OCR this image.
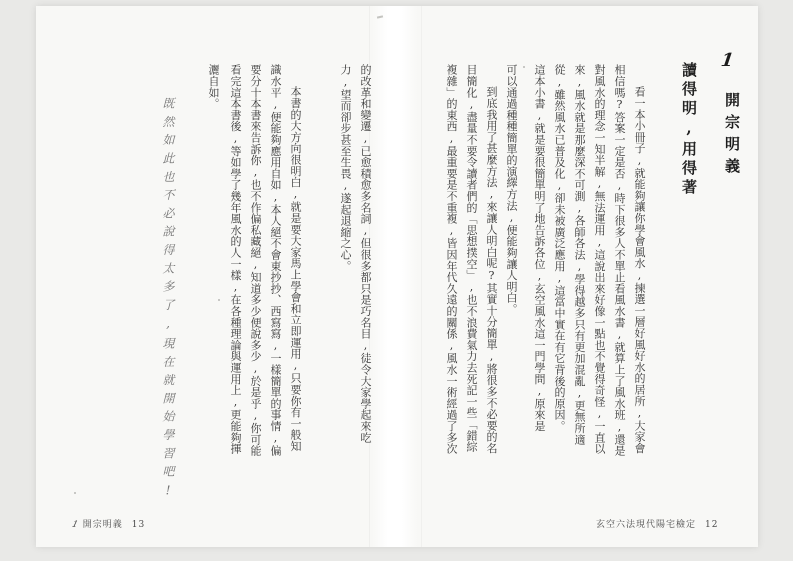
1
開宗明義
讀得明,用得著
看一本小冊子,就能夠讓你學會風水,揀選一層好風好水的居所,大家會
相信嗎?答案一定是否,時下很多人不單止看風水書,就算上了風水班,還是
對風水的理念一知半解,無法運用,這說出來好像一點也不覺得奇怪,一直以
來,風水就是那麼深不可測,各師各法,學得越多只有更加混亂,更無所適
從,雖然風水已普及化,卻未被廣泛應用,這當中實在有它背後的原因。
這本小書,就是要很簡單明了地告訴各位,玄空風水這一門學問,原來是
可以通過種種簡單的演繹方法,便能夠讓人明白。
到底我用了甚麼方法,來讓人明白呢?其實十分簡單,將很多不必要的名
目簡化,盡量不要令讀者們的「思想撲空」,也不浪費氣力去死記一些「錯綜
複雜」的東西,最重要是不重複,皆因年代久遠的關係,風水一術經過了多次
玄空六法現代陽宅檢定 12
的改革和變遷,已愈積愈多名詞,但很多都只是巧名目,徒令大家學起來吃
力,望而卻步甚至生畏,遂起退縮之心。
本書的大方向很明白,就是要大家馬上學會和立即運用,只要你有一般知
識水平,便能夠應用自如,本人絕不會東抄抄、西寫寫,一樣簡單的事情,偏
要分十本書來告訴你,也不作偏私藏絕,知道多少便說多少,於是乎,你可能
看完這本書後,等如學了幾年風水的人一樣,在各種理論與運用上,更能夠揮
灑自如。
既然如此也不必說得太多了,現在就開始學習吧!
1 開宗明義 13
